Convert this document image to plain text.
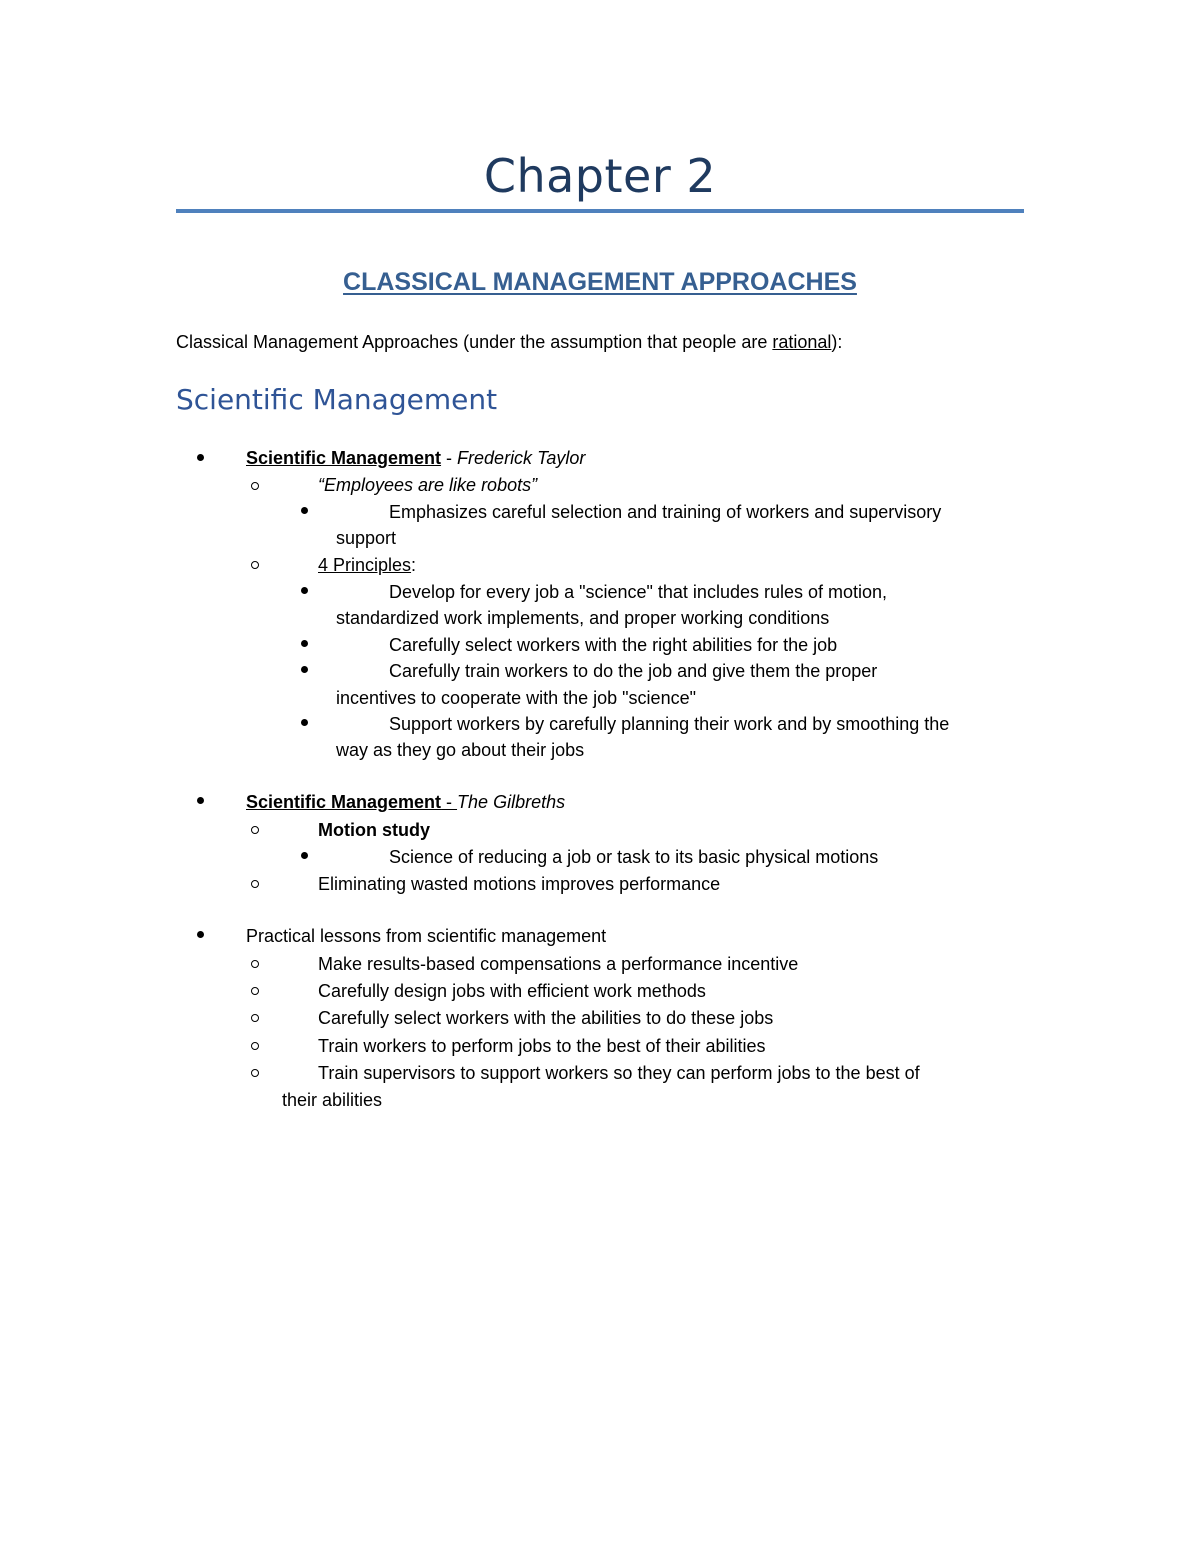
Chapter 2
CLASSICAL MANAGEMENT APPROACHES
Classical Management Approaches (under the assumption that people are rational):
Scientific Management
Scientific Management - Frederick Taylor
“Employees are like robots”
Emphasizes careful selection and training of workers and supervisory
support
4 Principles:
Develop for every job a "science" that includes rules of motion,
standardized work implements, and proper working conditions
Carefully select workers with the right abilities for the job
Carefully train workers to do the job and give them the proper
incentives to cooperate with the job "science"
Support workers by carefully planning their work and by smoothing the
way as they go about their jobs
Scientific Management - The Gilbreths
Motion study
Science of reducing a job or task to its basic physical motions
Eliminating wasted motions improves performance
Practical lessons from scientific management
Make results-based compensations a performance incentive
Carefully design jobs with efficient work methods
Carefully select workers with the abilities to do these jobs
Train workers to perform jobs to the best of their abilities
Train supervisors to support workers so they can perform jobs to the best of
their abilities
